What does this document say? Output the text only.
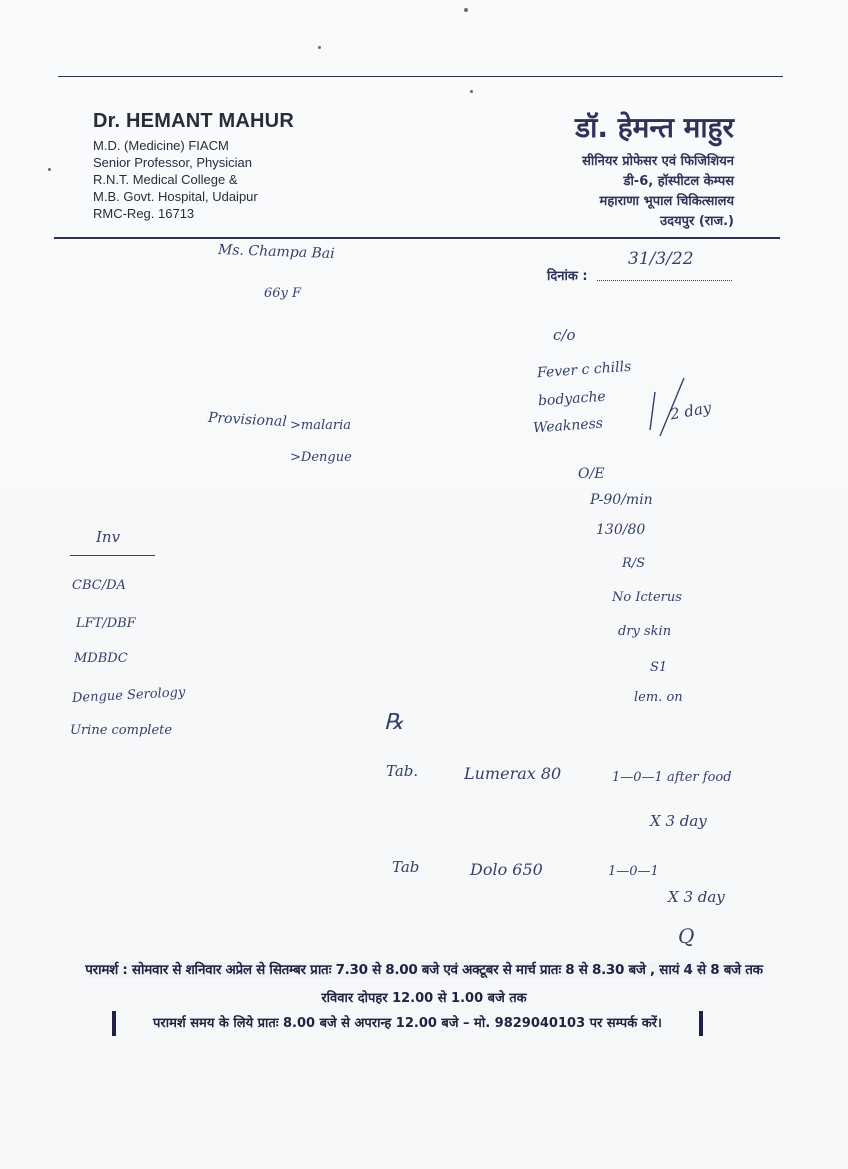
Dr. HEMANT MAHUR
M.D. (Medicine) FIACM
Senior Professor, Physician
R.N.T. Medical College &
M.B. Govt. Hospital, Udaipur
RMC-Reg. 16713
डॉ. हेमन्त माहुर
सीनियर प्रोफेसर एवं फिजिशियन
डी-6, हॉस्पीटल केम्पस
महाराणा भूपाल चिकित्सालय
उदयपुर (राज.)
दिनांक :
31/3/22
Ms. Champa Bai
66y F
Provisional >malaria
>Dengue
c/o
Fever c chills
bodyache
Weakness
2 day
O/E
P-90/min
130/80
R/S
No Icterus
dry skin
S1
lem. on
Inv
CBC/DA
LFT/DBF
MDBDC
Dengue Serology
Urine complete	℞
Tab.	Lumerax 80	1—0—1 after food
X 3 day
Tab	Dolo 650	1—0—1
X 3 day
Q
परामर्श : सोमवार से शनिवार अप्रेल से सितम्बर प्रातः 7.30 से 8.00 बजे एवं अक्टूबर से मार्च प्रातः 8 से 8.30 बजे , सायं 4 से 8 बजे तक
रविवार दोपहर 12.00 से 1.00 बजे तक
परामर्श समय के लिये प्रातः 8.00 बजे से अपरान्ह 12.00 बजे – मो. 9829040103 पर सम्पर्क करें।
